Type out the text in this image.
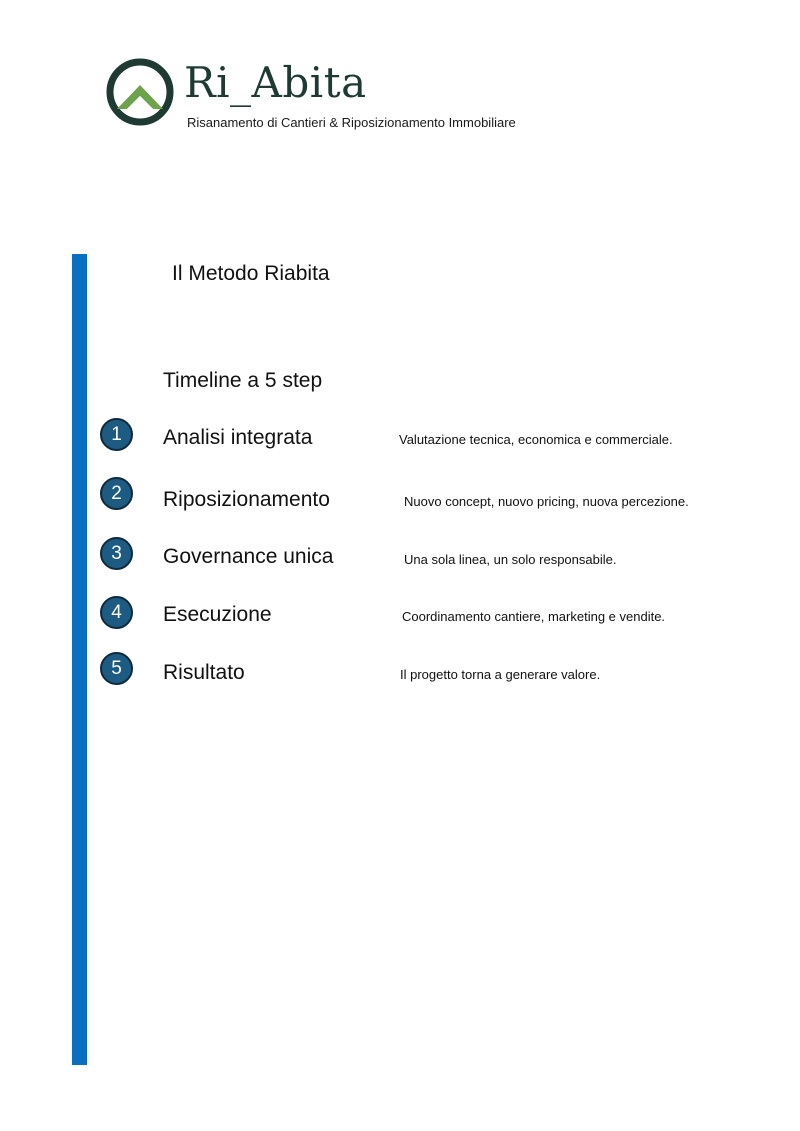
Ri_Abita
Risanamento di Cantieri & Riposizionamento Immobiliare
Il Metodo Riabita
Timeline a 5 step
1	Analisi integrata	Valutazione tecnica, economica e commerciale.
2	Riposizionamento	Nuovo concept, nuovo pricing, nuova percezione.
3	Governance unica	Una sola linea, un solo responsabile.
4	Esecuzione	Coordinamento cantiere, marketing e vendite.
5	Risultato	Il progetto torna a generare valore.
